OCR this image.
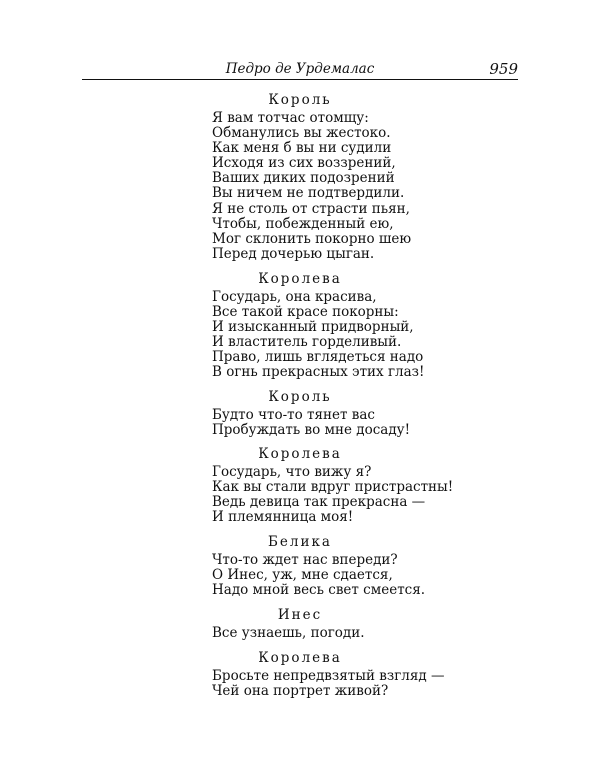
Педро де Урдемалас	959
Король
Я вам тотчас отомщу:
Обманулись вы жестоко.
Как меня б вы ни судили
Исходя из сих воззрений,
Ваших диких подозрений
Вы ничем не подтвердили.
Я не столь от страсти пьян,
Чтобы, побежденный ею,
Мог склонить покорно шею
Перед дочерью цыган.
Королева
Государь, она красива,
Все такой красе покорны:
И изысканный придворный,
И властитель горделивый.
Право, лишь вглядеться надо
В огнь прекрасных этих глаз!
Король
Будто что-то тянет вас
Пробуждать во мне досаду!
Королева
Государь, что вижу я?
Как вы стали вдруг пристрастны!
Ведь девица так прекрасна —
И племянница моя!
Белика
Что-то ждет нас впереди?
О Инес, уж, мне сдается,
Надо мной весь свет смеется.
Инес
Все узнаешь, погоди.
Королева
Бросьте непредвзятый взгляд —
Чей она портрет живой?
